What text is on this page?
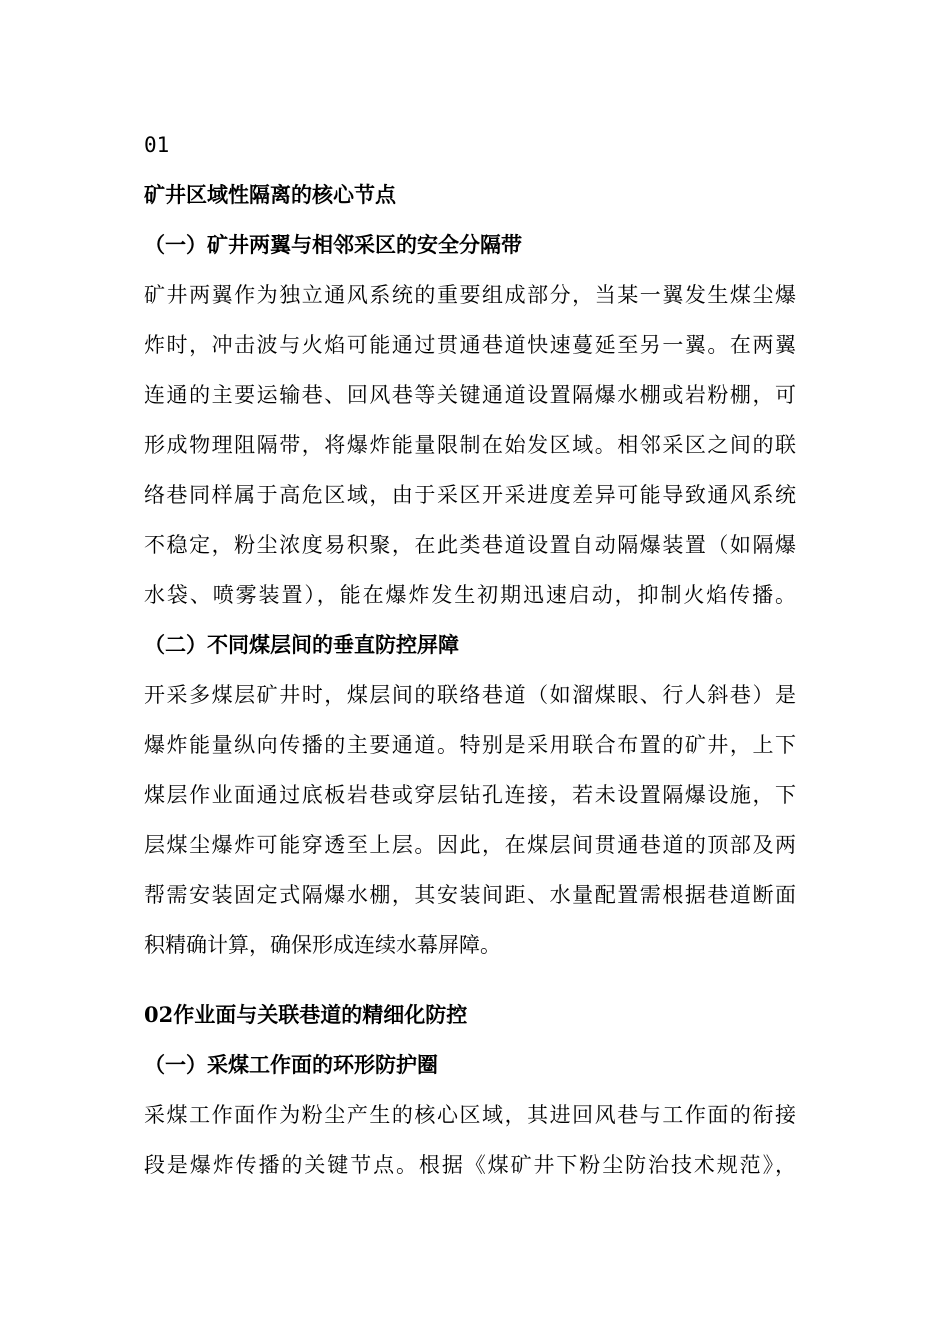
01
矿井区域性隔离的核心节点
（一）矿井两翼与相邻采区的安全分隔带
矿井两翼作为独立通风系统的重要组成部分，当某一翼发生煤尘爆
炸时，冲击波与火焰可能通过贯通巷道快速蔓延至另一翼。在两翼
连通的主要运输巷、回风巷等关键通道设置隔爆水棚或岩粉棚，可
形成物理阻隔带，将爆炸能量限制在始发区域。相邻采区之间的联
络巷同样属于高危区域，由于采区开采进度差异可能导致通风系统
不稳定，粉尘浓度易积聚，在此类巷道设置自动隔爆装置（如隔爆
水袋、喷雾装置），能在爆炸发生初期迅速启动，抑制火焰传播。
（二）不同煤层间的垂直防控屏障
开采多煤层矿井时，煤层间的联络巷道（如溜煤眼、行人斜巷）是
爆炸能量纵向传播的主要通道。特别是采用联合布置的矿井，上下
煤层作业面通过底板岩巷或穿层钻孔连接，若未设置隔爆设施，下
层煤尘爆炸可能穿透至上层。因此，在煤层间贯通巷道的顶部及两
帮需安装固定式隔爆水棚，其安装间距、水量配置需根据巷道断面
积精确计算，确保形成连续水幕屏障。
02作业面与关联巷道的精细化防控
（一）采煤工作面的环形防护圈
采煤工作面作为粉尘产生的核心区域，其进回风巷与工作面的衔接
段是爆炸传播的关键节点。根据《煤矿井下粉尘防治技术规范》，
